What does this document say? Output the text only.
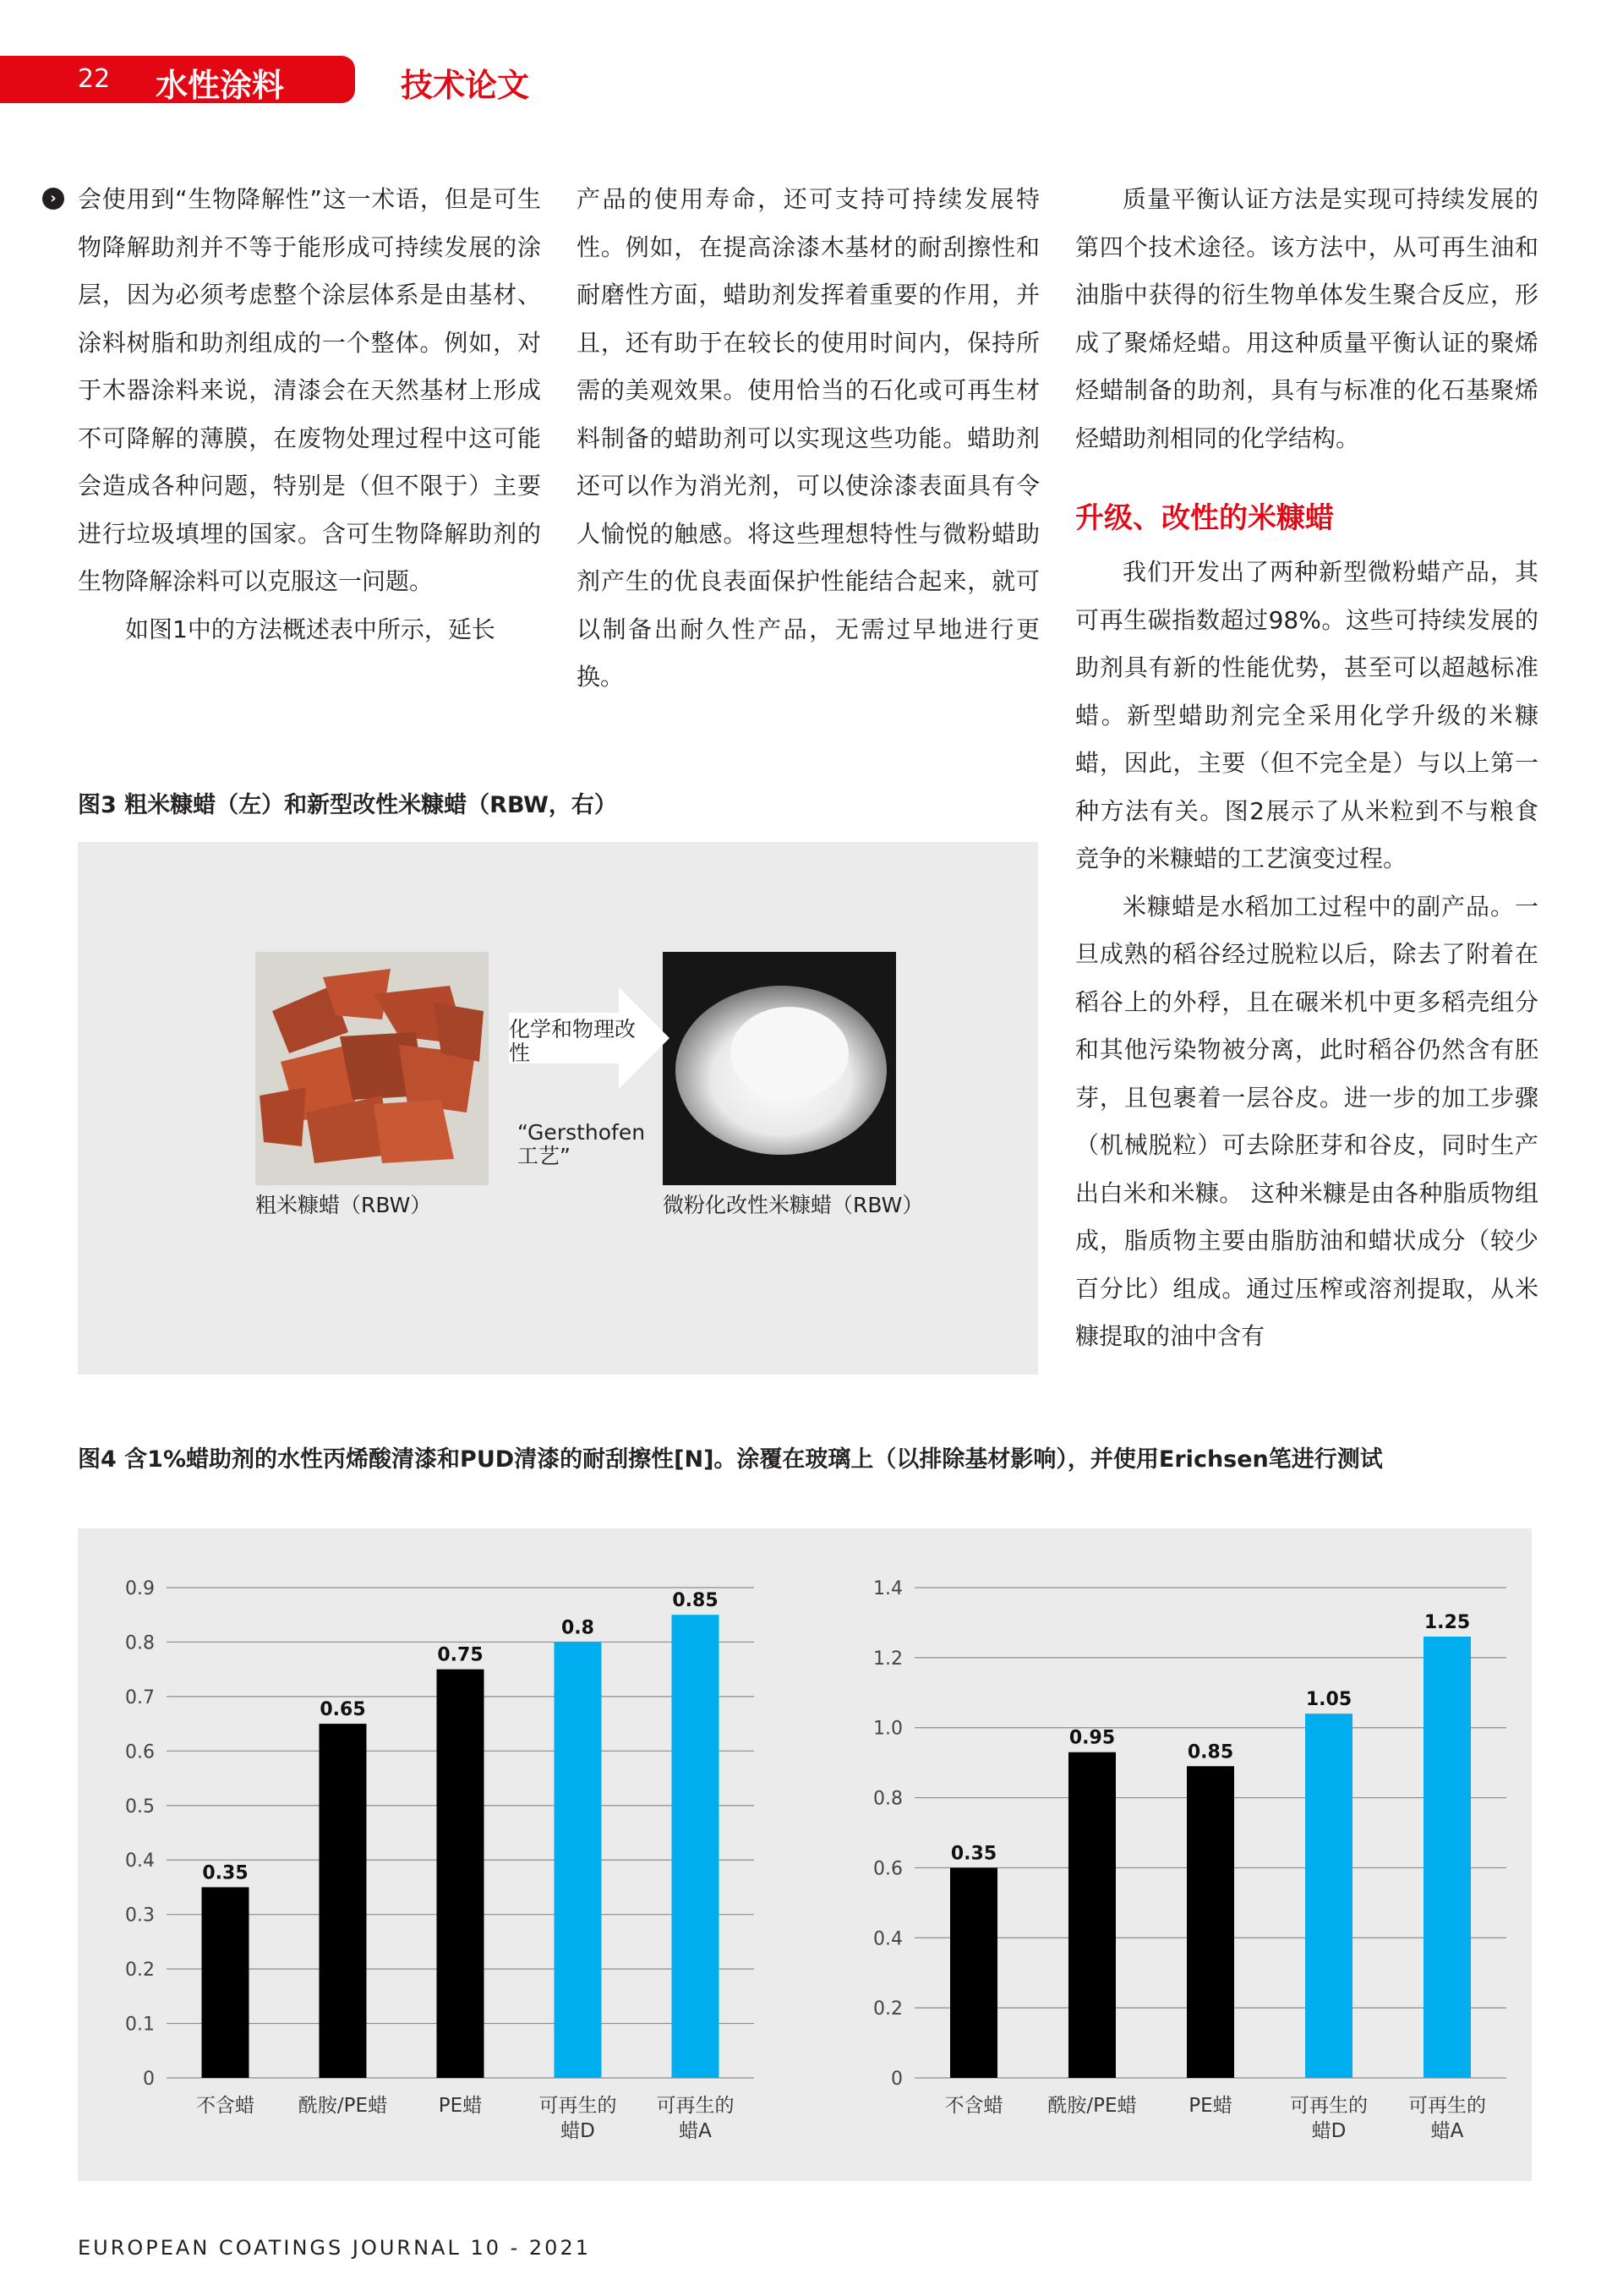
22 水性涂料	技术论文
› 会使用到“生物降解性”这一术语，但是可生物降解助剂并不等于能形成可持续发展的涂层，因为必须考虑整个涂层体系是由基材、涂料树脂和助剂组成的一个整体。例如，对于木器涂料来说，清漆会在天然基材上形成不可降解的薄膜，在废物处理过程中这可能会造成各种问题，特别是（但不限于）主要进行垃圾填埋的国家。含可生物降解助剂的生物降解涂料可以克服这一问题。

如图1中的方法概述表中所示，延长

产品的使用寿命，还可支持可持续发展特性。例如，在提高涂漆木基材的耐刮擦性和耐磨性方面，蜡助剂发挥着重要的作用，并且，还有助于在较长的使用时间内，保持所需的美观效果。使用恰当的石化或可再生材料制备的蜡助剂可以实现这些功能。蜡助剂还可以作为消光剂，可以使涂漆表面具有令人愉悦的触感。将这些理想特性与微粉蜡助剂产生的优良表面保护性能结合起来，就可以制备出耐久性产品，无需过早地进行更换。

质量平衡认证方法是实现可持续发展的第四个技术途径。该方法中，从可再生油和油脂中获得的衍生物单体发生聚合反应，形成了聚烯烃蜡。用这种质量平衡认证的聚烯烃蜡制备的助剂，具有与标准的化石基聚烯烃蜡助剂相同的化学结构。

升级、改性的米糠蜡

我们开发出了两种新型微粉蜡产品，其可再生碳指数超过98%。这些可持续发展的助剂具有新的性能优势，甚至可以超越标准蜡。新型蜡助剂完全采用化学升级的米糠蜡，因此，主要（但不完全是）与以上第一种方法有关。图2展示了从米粒到不与粮食竞争的米糠蜡的工艺演变过程。

米糠蜡是水稻加工过程中的副产品。一旦成熟的稻谷经过脱粒以后，除去了附着在稻谷上的外稃，且在碾米机中更多稻壳组分和其他污染物被分离，此时稻谷仍然含有胚芽，且包裹着一层谷皮。进一步的加工步骤（机械脱粒）可去除胚芽和谷皮，同时生产出白米和米糠。 这种米糠是由各种脂质物组成，脂质物主要由脂肪油和蜡状成分（较少百分比）组成。通过压榨或溶剂提取，从米糠提取的油中含有

图3 粗米糠蜡（左）和新型改性米糠蜡（RBW，右）
化学和物理改性
“Gersthofen工艺”
粗米糠蜡（RBW）	微粉化改性米糠蜡（RBW）
图4 含1%蜡助剂的水性丙烯酸清漆和PUD清漆的耐刮擦性[N]。涂覆在玻璃上（以排除基材影响），并使用Erichsen笔进行测试
0
0.1
0.2
0.3
0.4
0.5
0.6
0.7
0.8
0.9
0.35
不含蜡
0.65
酰胺/PE蜡
0.75
PE蜡
0.8
可再生的
蜡D
0.85
可再生的
蜡A
0
0.2
0.4
0.6
0.8
1.0
1.2
1.4
0.35
不含蜡
0.95
酰胺/PE蜡
0.85
PE蜡
1.05
可再生的
蜡D
1.25
可再生的
蜡A
EUROPEAN COATINGS JOURNAL 10 - 2021
